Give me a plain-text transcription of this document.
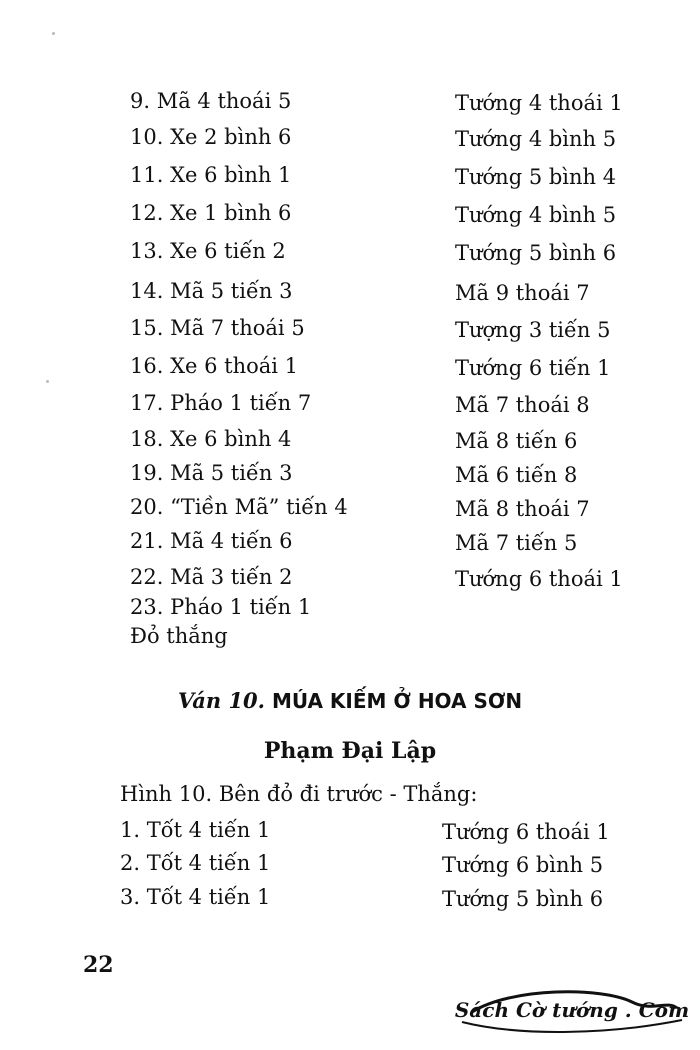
9. Mã 4 thoái 5	Tướng 4 thoái 1
10. Xe 2 bình 6	Tướng 4 bình 5
11. Xe 6 bình 1	Tướng 5 bình 4
12. Xe 1 bình 6	Tướng 4 bình 5
13. Xe 6 tiến 2	Tướng 5 bình 6
14. Mã 5 tiến 3	Mã 9 thoái 7
15. Mã 7 thoái 5	Tượng 3 tiến 5
16. Xe 6 thoái 1	Tướng 6 tiến 1
17. Pháo 1 tiến 7	Mã 7 thoái 8
18. Xe 6 bình 4	Mã 8 tiến 6
19. Mã 5 tiến 3	Mã 6 tiến 8
20. “Tiền Mã” tiến 4	Mã 8 thoái 7
21. Mã 4 tiến 6	Mã 7 tiến 5
22. Mã 3 tiến 2	Tướng 6 thoái 1
23. Pháo 1 tiến 1
Đỏ thắng
Ván 10. MÚA KIẾM Ở HOA SƠN
Phạm Đại Lập
Hình 10. Bên đỏ đi trước - Thắng:
1. Tốt 4 tiến 1	Tướng 6 thoái 1
2. Tốt 4 tiến 1	Tướng 6 bình 5
3. Tốt 4 tiến 1	Tướng 5 bình 6
22
Sách Cờ tướng . Com
